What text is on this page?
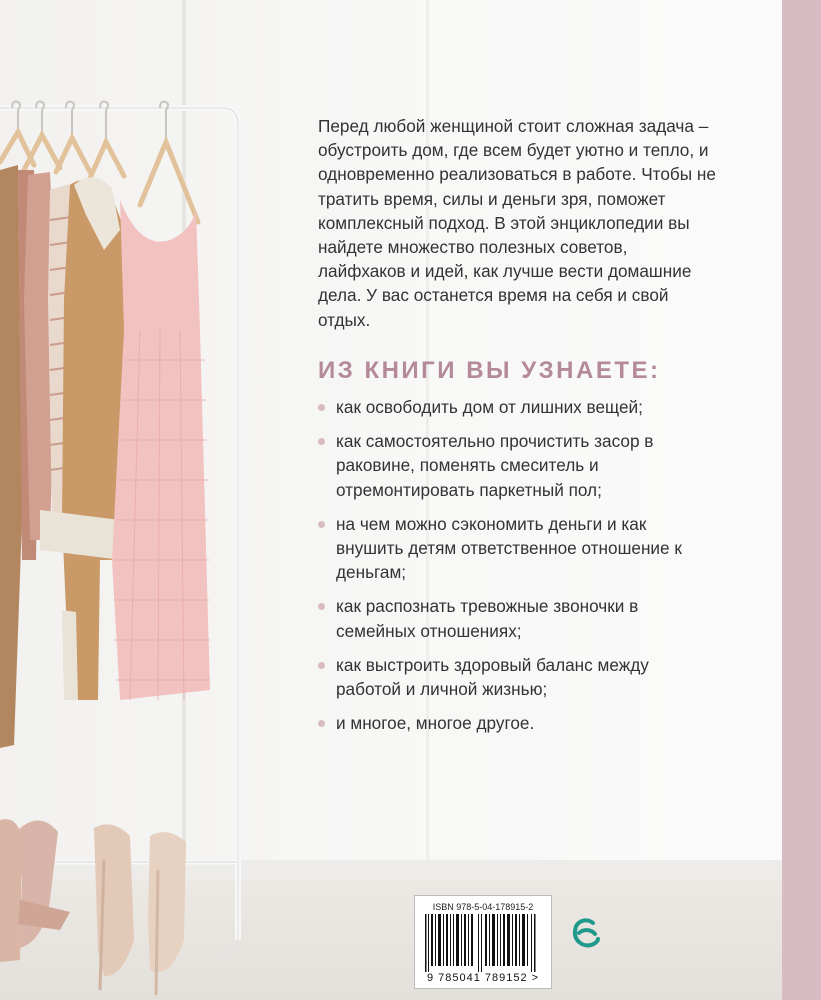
Перед любой женщиной стоит сложная задача – обустроить дом, где всем будет уютно и тепло, и одновременно реализоваться в работе. Чтобы не тратить время, силы и деньги зря, поможет комплексный подход. В этой энциклопедии вы найдете множество полезных советов, лайфхаков и идей, как лучше вести домашние дела. У вас останется время на себя и свой отдых.
ИЗ КНИГИ ВЫ УЗНАЕТЕ:
как освободить дом от лишних вещей;
как самостоятельно прочистить засор в раковине, поменять смеситель и отремонтировать паркетный пол;
на чем можно сэкономить деньги и как внушить детям ответственное отношение к деньгам;
как распознать тревожные звоночки в семейных отношениях;
как выстроить здоровый баланс между работой и личной жизнью;
и многое, многое другое.
ISBN 978-5-04-178915-2
9 785041 789152 >
